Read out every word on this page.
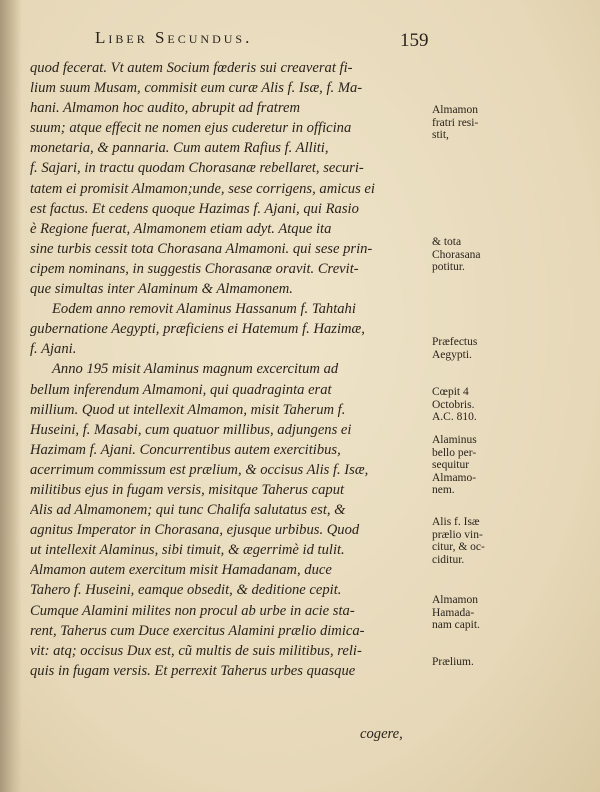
Liber Secundus.	159

quod fecerat. Vt autem Socium fœderis sui creaverat fi-
lium suum Musam, commisit eum curæ Alis f. Isæ, f. Ma-
hani. Almamon hoc audito, abrupit ad fratrem
suum; atque effecit ne nomen ejus cuderetur in officina
monetaria, & pannaria. Cum autem Rafius f. Alliti,
f. Sajari, in tractu quodam Chorasanæ rebellaret, securi-
tatem ei promisit Almamon;unde, sese corrigens, amicus ei
est factus. Et cedens quoque Hazimas f. Ajani, qui Rasio
è Regione fuerat, Almamonem etiam adyt. Atque ita
sine turbis cessit tota Chorasana Almamoni. qui sese prin-
cipem nominans, in suggestis Chorasanæ oravit. Crevit-
que simultas inter Alaminum & Almamonem.

Eodem anno removit Alaminus Hassanum f. Tahtahi
gubernatione Aegypti, præficiens ei Hatemum f. Hazimæ,
f. Ajani.

Anno 195 misit Alaminus magnum excercitum ad
bellum inferendum Almamoni, qui quadraginta erat
millium. Quod ut intellexit Almamon, misit Taherum f.
Huseini, f. Masabi, cum quatuor millibus, adjungens ei
Hazimam f. Ajani. Concurrentibus autem exercitibus,
acerrimum commissum est prælium, & occisus Alis f. Isæ,
militibus ejus in fugam versis, misitque Taherus caput
Alis ad Almamonem; qui tunc Chalifa salutatus est, &
agnitus Imperator in Chorasana, ejusque urbibus. Quod
ut intellexit Alaminus, sibi timuit, & ægerrimè id tulit.
Almamon autem exercitum misit Hamadanam, duce
Tahero f. Huseini, eamque obsedit, & deditione cepit.
Cumque Alamini milites non procul ab urbe in acie sta-
rent, Taherus cum Duce exercitus Alamini prælio dimica-
vit: atq; occisus Dux est, cũ multis de suis militibus, reli-
quis in fugam versis. Et perrexit Taherus urbes quasque

cogere,
Almamon
fratri resi-
stit,
& tota
Chorasana
potitur.
Præfectus
Aegypti.
Cœpit 4
Octobris.
A.C. 810.
Alaminus
bello per-
sequitur
Almamo-
nem.
Alis f. Isæ
prælio vin-
citur, & oc-
ciditur.
Almamon
Hamada-
nam capit.
Prælium.
